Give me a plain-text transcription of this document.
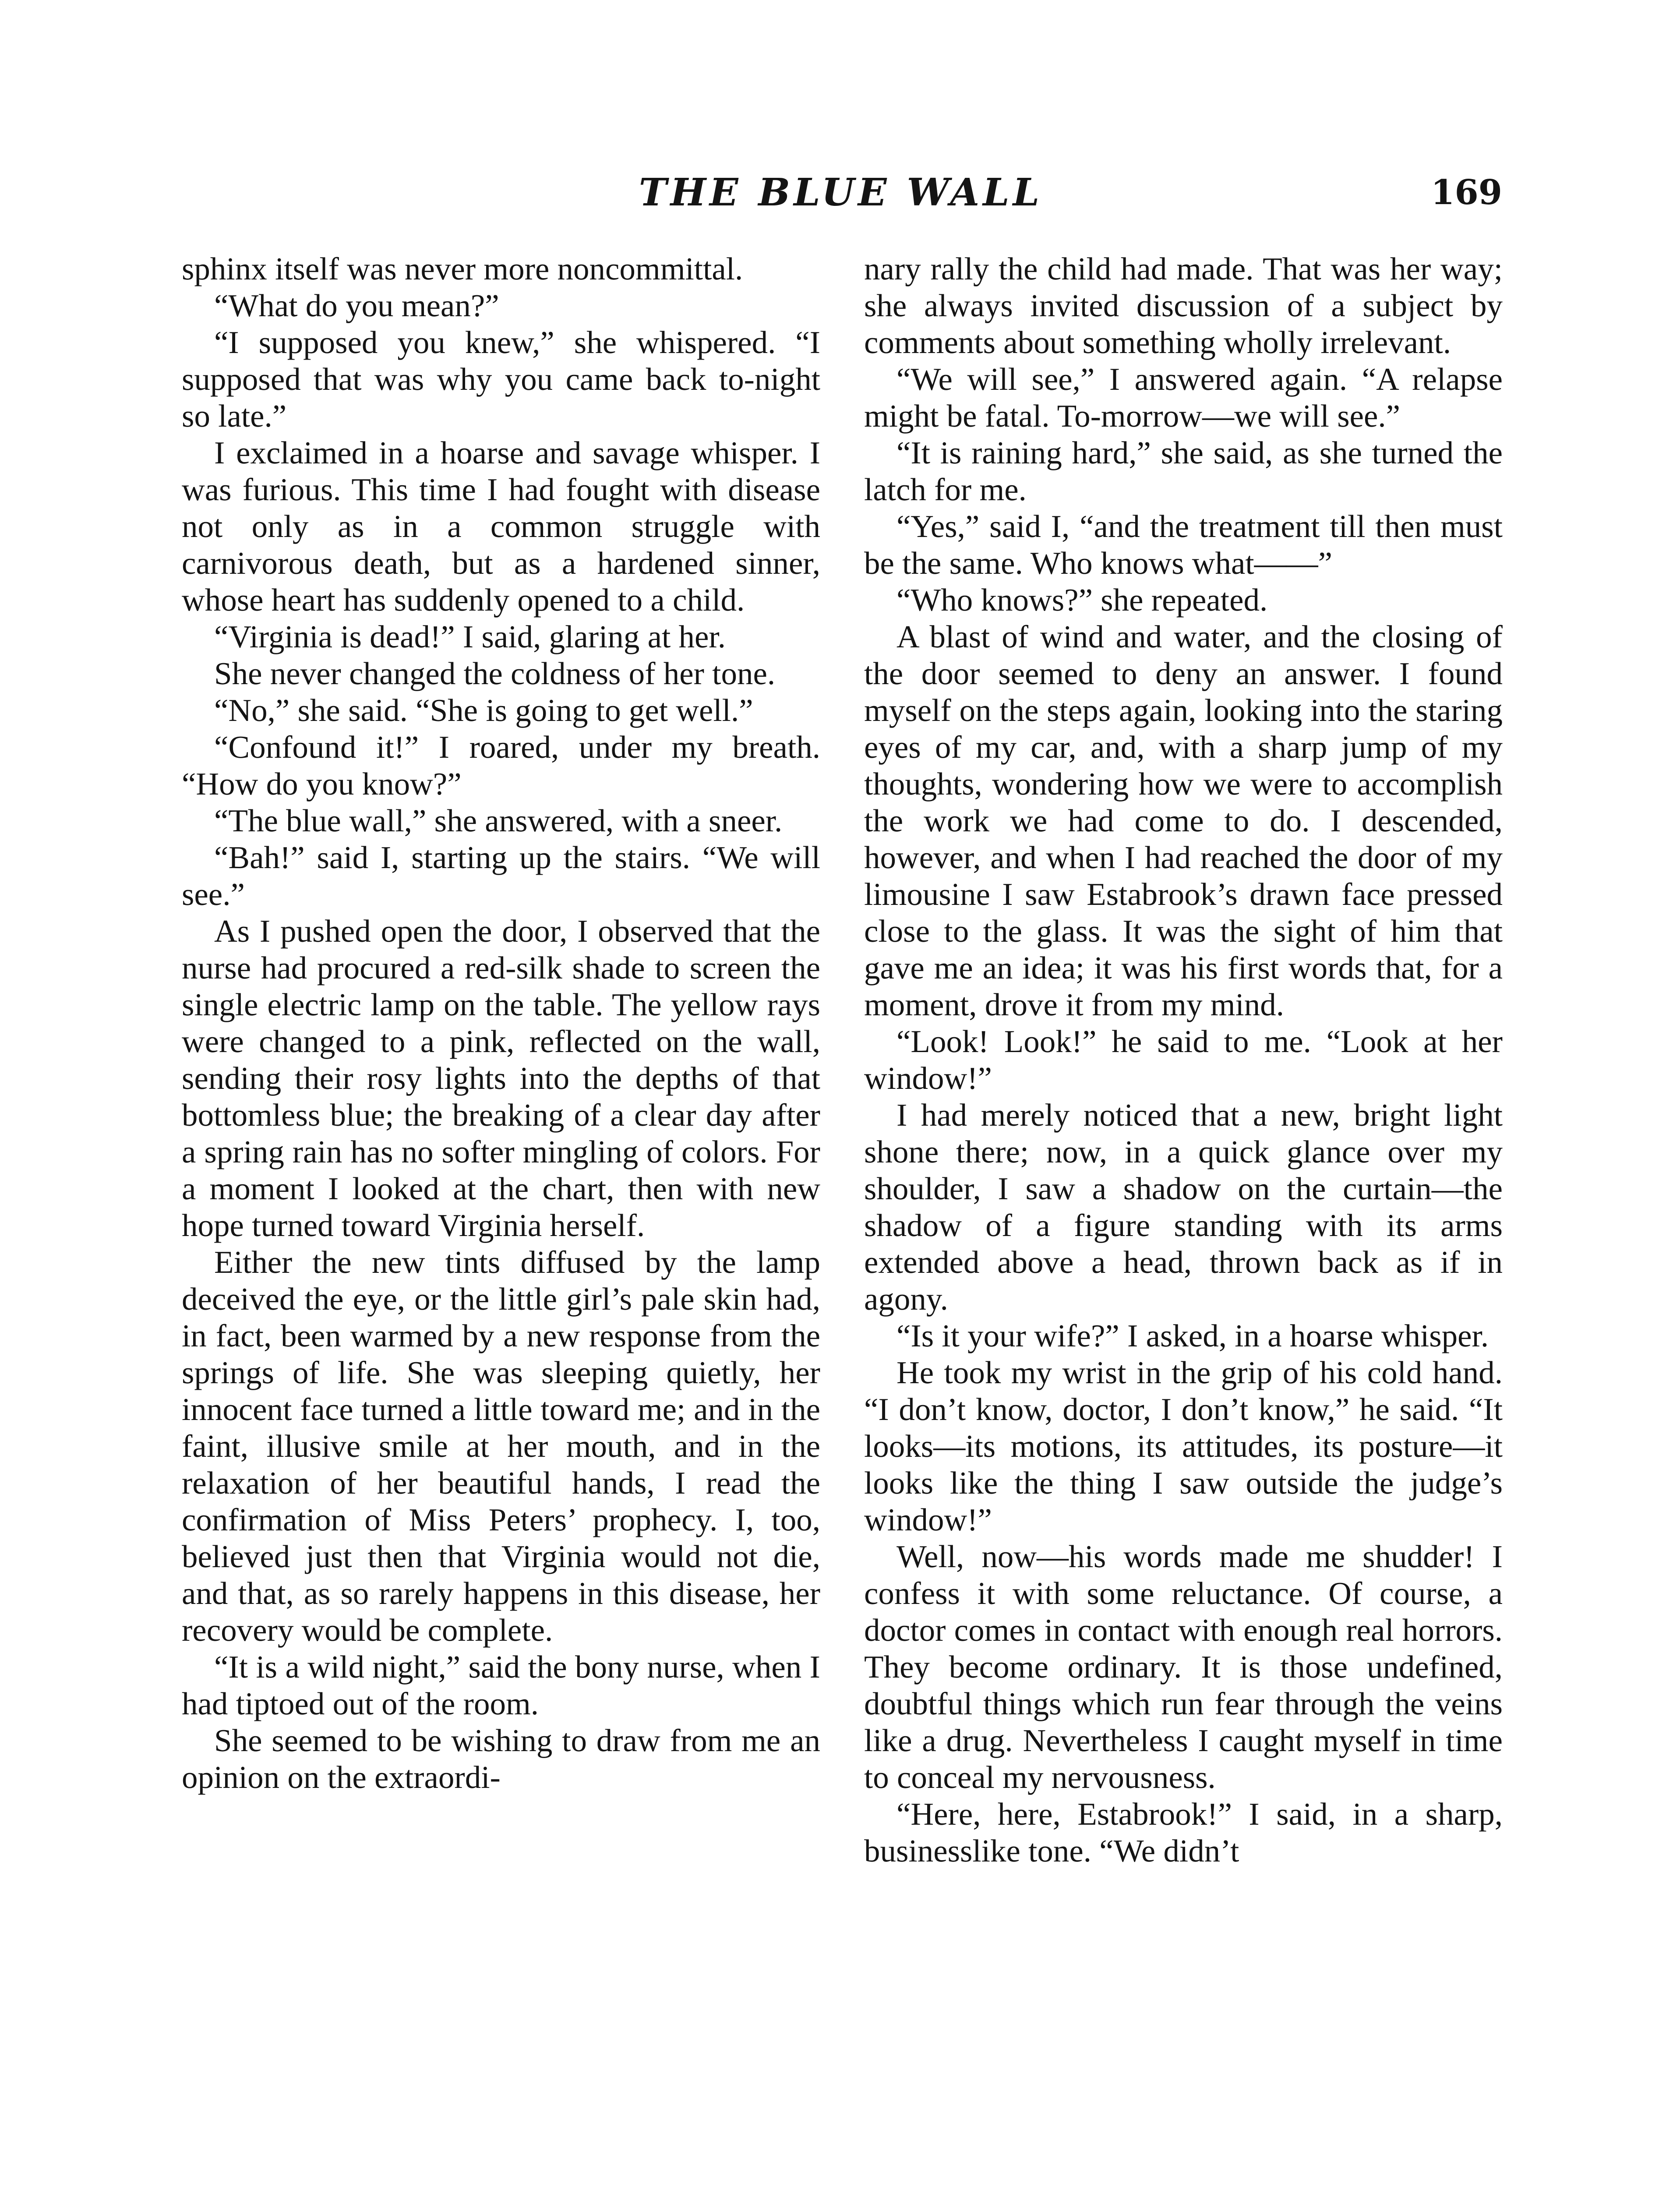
THE BLUE WALL	169

sphinx itself was never more noncommittal.

“What do you mean?”

“I supposed you knew,” she whispered. “I supposed that was why you came back to-night so late.”

I exclaimed in a hoarse and savage whisper. I was furious. This time I had fought with disease not only as in a common struggle with carnivorous death, but as a hardened sinner, whose heart has suddenly opened to a child.

“Virginia is dead!” I said, glaring at her.

She never changed the coldness of her tone.

“No,” she said. “She is going to get well.”

“Confound it!” I roared, under my breath. “How do you know?”

“The blue wall,” she answered, with a sneer.

“Bah!” said I, starting up the stairs. “We will see.”

As I pushed open the door, I observed that the nurse had procured a red-silk shade to screen the single electric lamp on the table. The yellow rays were changed to a pink, reflected on the wall, sending their rosy lights into the depths of that bottomless blue; the breaking of a clear day after a spring rain has no softer mingling of colors. For a moment I looked at the chart, then with new hope turned toward Virginia herself.

Either the new tints diffused by the lamp deceived the eye, or the little girl’s pale skin had, in fact, been warmed by a new response from the springs of life. She was sleeping quietly, her innocent face turned a little toward me; and in the faint, illusive smile at her mouth, and in the relaxation of her beautiful hands, I read the confirmation of Miss Peters’ prophecy. I, too, believed just then that Virginia would not die, and that, as so rarely happens in this disease, her recovery would be complete.

“It is a wild night,” said the bony nurse, when I had tiptoed out of the room.

She seemed to be wishing to draw from me an opinion on the extraordi-

nary rally the child had made. That was her way; she always invited discussion of a subject by comments about something wholly irrelevant.

“We will see,” I answered again. “A relapse might be fatal. To-morrow—we will see.”

“It is raining hard,” she said, as she turned the latch for me.

“Yes,” said I, “and the treatment till then must be the same. Who knows what——”

“Who knows?” she repeated.

A blast of wind and water, and the closing of the door seemed to deny an answer. I found myself on the steps again, looking into the staring eyes of my car, and, with a sharp jump of my thoughts, wondering how we were to accomplish the work we had come to do. I descended, however, and when I had reached the door of my limousine I saw Estabrook’s drawn face pressed close to the glass. It was the sight of him that gave me an idea; it was his first words that, for a moment, drove it from my mind.

“Look! Look!” he said to me. “Look at her window!”

I had merely noticed that a new, bright light shone there; now, in a quick glance over my shoulder, I saw a shadow on the curtain—the shadow of a figure standing with its arms extended above a head, thrown back as if in agony.

“Is it your wife?” I asked, in a hoarse whisper.

He took my wrist in the grip of his cold hand. “I don’t know, doctor, I don’t know,” he said. “It looks—its motions, its attitudes, its posture—it looks like the thing I saw outside the judge’s window!”

Well, now—his words made me shudder! I confess it with some reluctance. Of course, a doctor comes in contact with enough real horrors. They become ordinary. It is those undefined, doubtful things which run fear through the veins like a drug. Nevertheless I caught myself in time to conceal my nervousness.

“Here, here, Estabrook!” I said, in a sharp, businesslike tone. “We didn’t
